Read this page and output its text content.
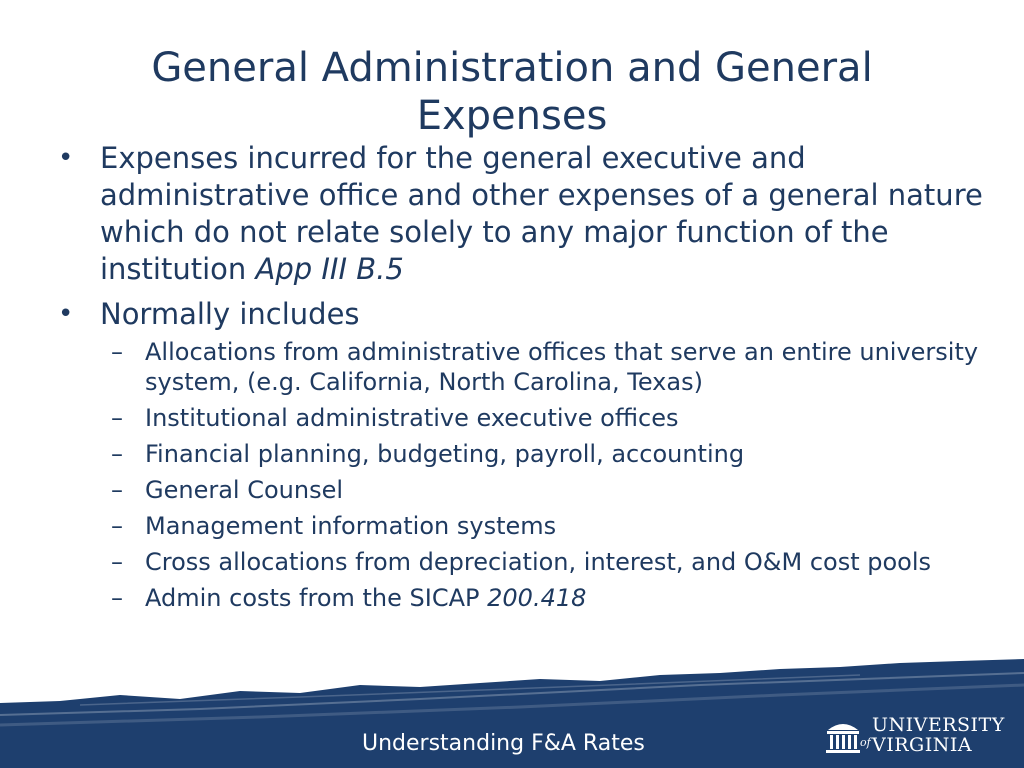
General Administration and General
Expenses
• Expenses incurred for the general executive and administrative office and other expenses of a general nature which do not relate solely to any major function of the institution App III B.5
• Normally includes
– Allocations from administrative offices that serve an entire university system, (e.g. California, North Carolina, Texas)
– Institutional administrative executive offices
– Financial planning, budgeting, payroll, accounting
– General Counsel
– Management information systems
– Cross allocations from depreciation, interest, and O&M cost pools
– Admin costs from the SICAP 200.418
Understanding F&A Rates
UNIVERSITY
of VIRGINIA
